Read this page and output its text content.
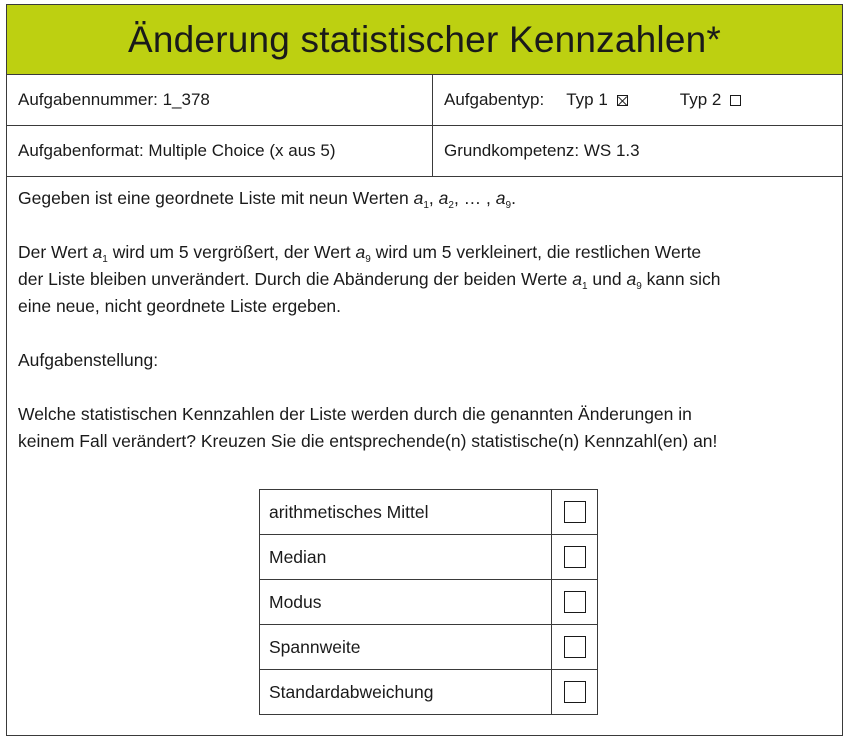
Änderung statistischer Kennzahlen*
Aufgabennummer: 1_378	Aufgabentyp: Typ 1	Typ 2
Aufgabenformat: Multiple Choice (x aus 5)	Grundkompetenz: WS 1.3

Gegeben ist eine geordnete Liste mit neun Werten $a_1$, $a_2$, … , $a_9$.

Der Wert $a_1$ wird um 5 vergrößert, der Wert $a_9$ wird um 5 verkleinert, die restlichen Werte
der Liste bleiben unverändert. Durch die Abänderung der beiden Werte $a_1$ und $a_9$ kann sich
eine neue, nicht geordnete Liste ergeben.

Aufgabenstellung:

Welche statistischen Kennzahlen der Liste werden durch die genannten Änderungen in
keinem Fall verändert? Kreuzen Sie die entsprechende(n) statistische(n) Kennzahl(en) an!

arithmetisches Mittel	
Median	
Modus	
Spannweite	
Standardabweichung	
